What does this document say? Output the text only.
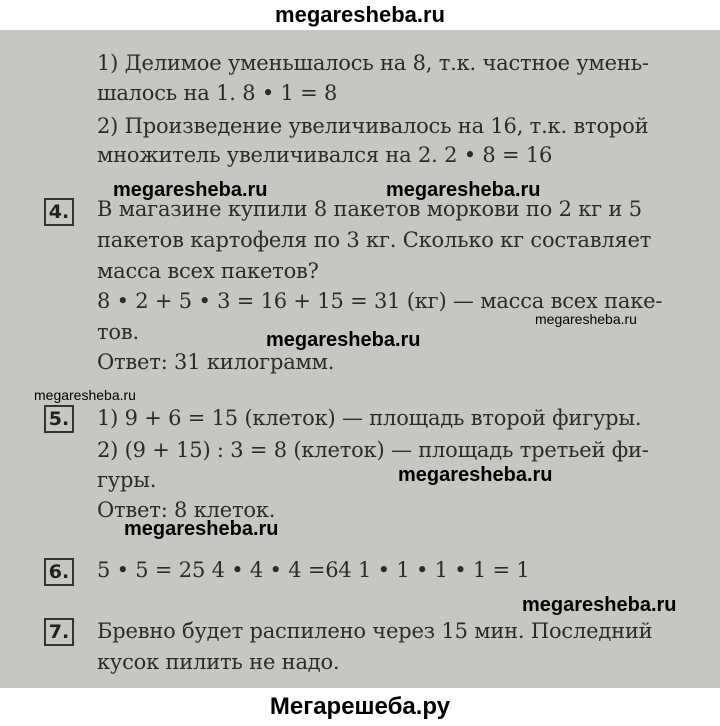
megaresheba.ru
1) Делимое уменьшалось на 8, т.к. частное умень-
шалось на 1. 8 • 1 = 8
2) Произведение увеличивалось на 16, т.к. второй
множитель увеличивался на 2. 2 • 8 = 16
megaresheba.ru	megaresheba.ru
4. В магазине купили 8 пакетов моркови по 2 кг и 5
пакетов картофеля по 3 кг. Сколько кг составляет
масса всех пакетов?
8 • 2 + 5 • 3 = 16 + 15 = 31 (кг) — масса всех паке-
megaresheba.ru
тов.	megaresheba.ru
Ответ: 31 килограмм.
megaresheba.ru
5. 1) 9 + 6 = 15 (клеток) — площадь второй фигуры.
2) (9 + 15) : 3 = 8 (клеток) — площадь третьей фи-
megaresheba.ru
гуры.
Ответ: 8 клеток.
megaresheba.ru
6. 5 • 5 = 25 4 • 4 • 4 =64 1 • 1 • 1 • 1 = 1
megaresheba.ru
7. Бревно будет распилено через 15 мин. Последний
кусок пилить не надо.
Мегарешеба.ру
